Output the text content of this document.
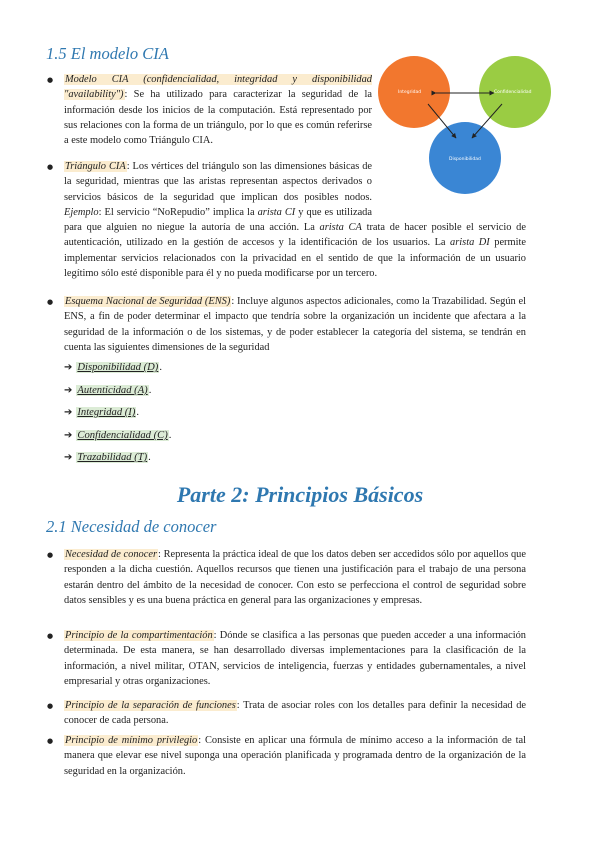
1.5 El modelo CIA
Integridad	Confidencialidad
Disponibilidad
● Modelo CIA (confidencialidad, integridad y disponibilidad "availability"): Se ha utilizado para caracterizar la seguridad de la información desde los inicios de la computación. Está representado por sus relaciones con la forma de un triángulo, por lo que es común referirse a este modelo como Triángulo CIA.
● Triángulo CIA: Los vértices del triángulo son las dimensiones básicas de la seguridad, mientras que las aristas representan aspectos derivados o servicios básicos de la seguridad que implican dos posibles nodos. Ejemplo: El servicio “NoRepudio” implica la arista CI y que es utilizada para que alguien no niegue la autoría de una acción. La arista CA trata de hacer posible el servicio de autenticación, utilizado en la gestión de accesos y la identificación de los usuarios. La arista DI permite implementar servicios relacionados con la privacidad en el sentido de que la información de un usuario legítimo sólo esté disponible para él y no pueda modificarse por un tercero.
● Esquema Nacional de Seguridad (ENS): Incluye algunos aspectos adicionales, como la Trazabilidad. Según el ENS, a fin de poder determinar el impacto que tendría sobre la organización un incidente que afectara a la seguridad de la información o de los sistemas, y de poder establecer la categoría del sistema, se tendrán en cuenta las siguientes dimensiones de la seguridad
➔ Disponibilidad (D).
➔ Autenticidad (A).
➔ Integridad (I).
➔ Confidencialidad (C).
➔ Trazabilidad (T).
Parte 2: Principios Básicos
2.1 Necesidad de conocer
● Necesidad de conocer: Representa la práctica ideal de que los datos deben ser accedidos sólo por aquellos que responden a la dicha cuestión. Aquellos recursos que tienen una justificación para el trabajo de una persona estarán dentro del ámbito de la necesidad de conocer. Con esto se perfecciona el control de seguridad sobre datos sensibles y es una buena práctica en general para las organizaciones y empresas.
● Principio de la compartimentación: Dónde se clasifica a las personas que pueden acceder a una información determinada. De esta manera, se han desarrollado diversas implementaciones para la clasificación de la información, a nivel militar, OTAN, servicios de inteligencia, fuerzas y entidades gubernamentales, a nivel empresarial y otras organizaciones.
● Principio de la separación de funciones: Trata de asociar roles con los detalles para definir la necesidad de conocer de cada persona.
● Principio de mínimo privilegio: Consiste en aplicar una fórmula de mínimo acceso a la información de tal manera que elevar ese nivel suponga una operación planificada y programada dentro de la organización de la seguridad en la organización.
